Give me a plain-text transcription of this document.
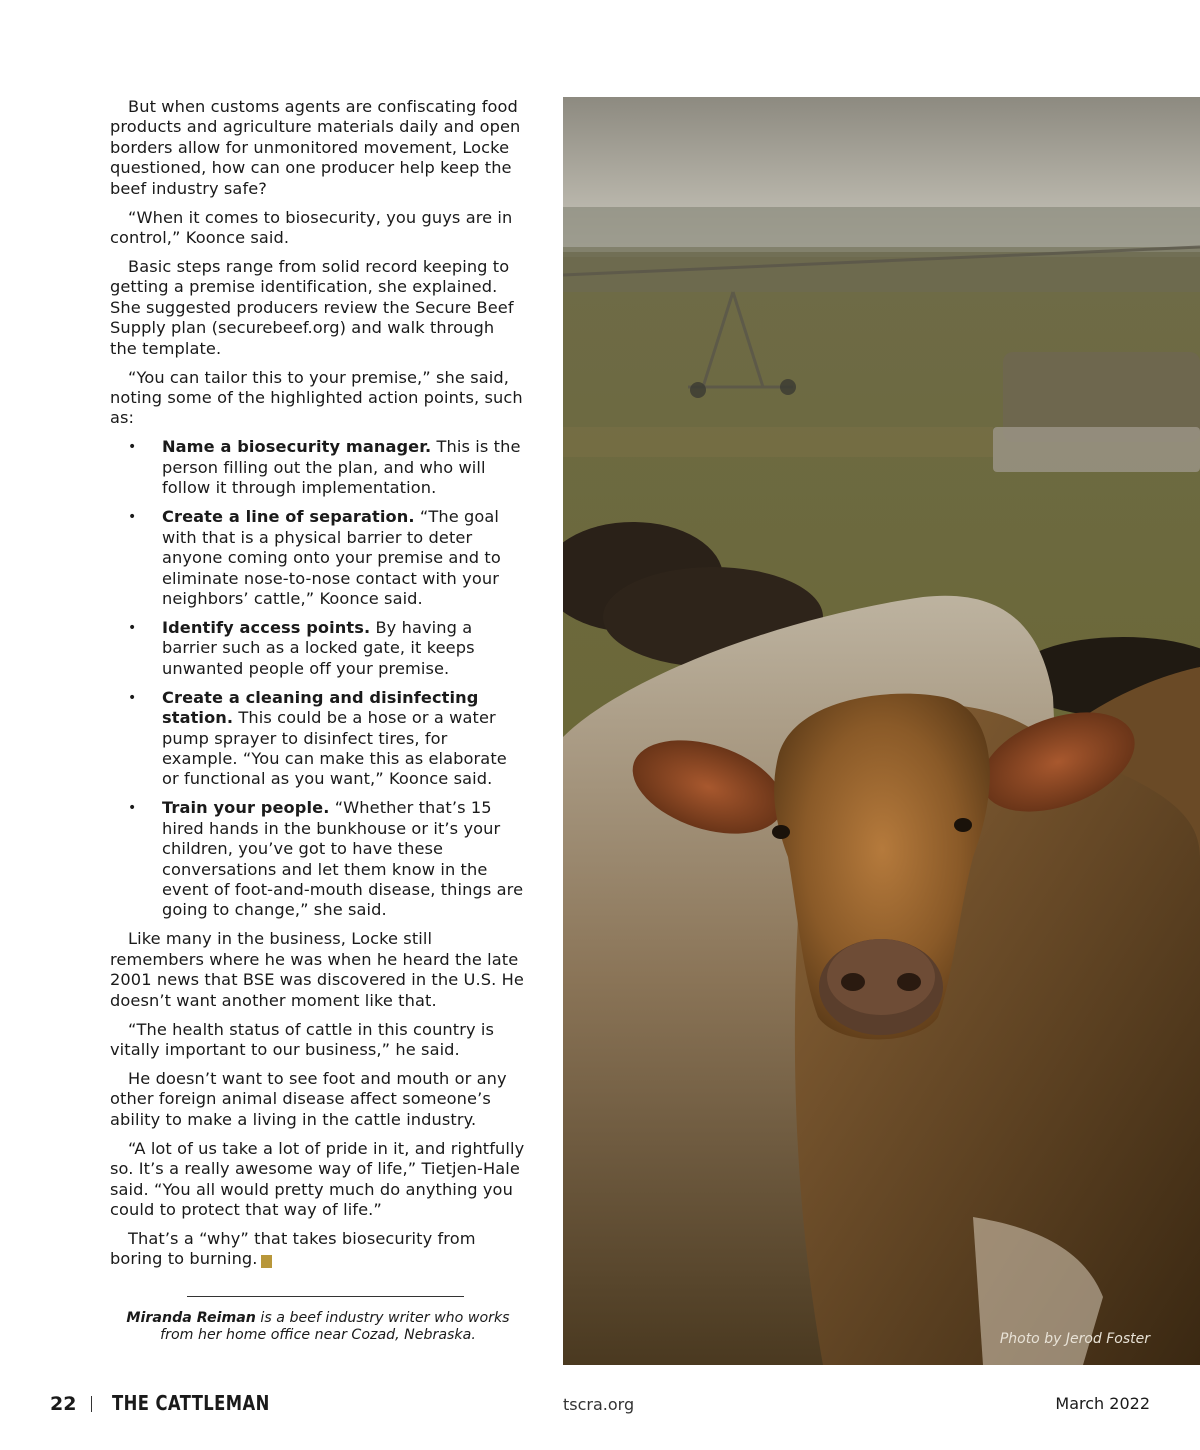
But when customs agents are confiscating food products and agriculture materials daily and open borders allow for unmonitored movement, Locke questioned, how can one producer help keep the beef industry safe?

“When it comes to biosecurity, you guys are in control,” Koonce said.

Basic steps range from solid record keeping to getting a premise identification, she explained. She suggested producers review the Secure Beef Supply plan (securebeef.org) and walk through the template.

“You can tailor this to your premise,” she said, noting some of the highlighted action points, such as:

• Name a biosecurity manager. This is the person filling out the plan, and who will follow it through implementation.
• Create a line of separation. “The goal with that is a physical barrier to deter anyone coming onto your premise and to eliminate nose-to-nose contact with your neighbors’ cattle,” Koonce said.
• Identify access points. By having a barrier such as a locked gate, it keeps unwanted people off your premise.
• Create a cleaning and disinfecting station. This could be a hose or a water pump sprayer to disinfect tires, for example. “You can make this as elaborate or functional as you want,” Koonce said.
• Train your people. “Whether that’s 15 hired hands in the bunkhouse or it’s your children, you’ve got to have these conversations and let them know in the event of foot-and-mouth disease, things are going to change,” she said.

Like many in the business, Locke still remembers where he was when he heard the late 2001 news that BSE was discovered in the U.S. He doesn’t want another moment like that.

“The health status of cattle in this country is vitally important to our business,” he said.

He doesn’t want to see foot and mouth or any other foreign animal disease affect someone’s ability to make a living in the cattle industry.

“A lot of us take a lot of pride in it, and rightfully so. It’s a really awesome way of life,” Tietjen-Hale said. “You all would pretty much do anything you could to protect that way of life.”

That’s a “why” that takes biosecurity from boring to burning. C

Miranda Reiman is a beef industry writer who works from her home office near Cozad, Nebraska.	Photo by Jerod Foster
22 THE CATTLEMAN	tscra.org	March 2022
